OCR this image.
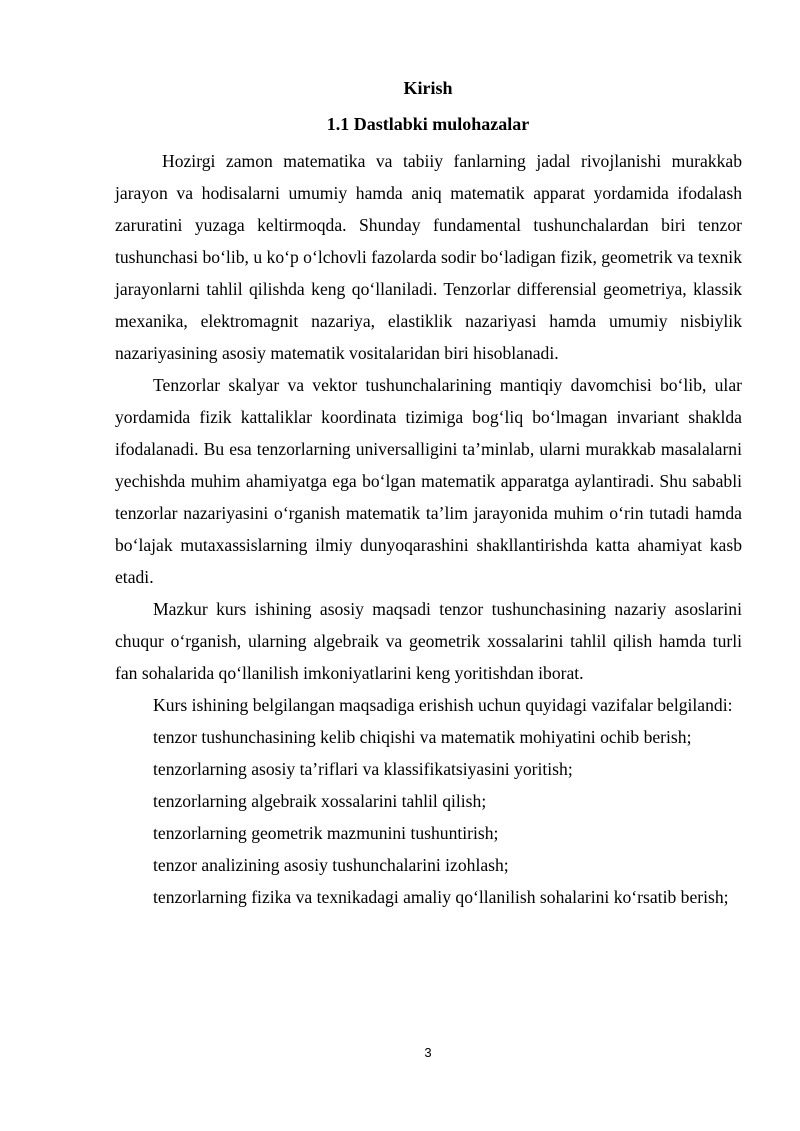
Kirish
1.1 Dastlabki mulohazalar

Hozirgi zamon matematika va tabiiy fanlarning jadal rivojlanishi murakkab jarayon va hodisalarni umumiy hamda aniq matematik apparat yordamida ifodalash zaruratini yuzaga keltirmoqda. Shunday fundamental tushunchalardan biri tenzor tushunchasi bo‘lib, u ko‘p o‘lchovli fazolarda sodir bo‘ladigan fizik, geometrik va texnik jarayonlarni tahlil qilishda keng qo‘llaniladi. Tenzorlar differensial geometriya, klassik mexanika, elektromagnit nazariya, elastiklik nazariyasi hamda umumiy nisbiylik nazariyasining asosiy matematik vositalaridan biri hisoblanadi.

Tenzorlar skalyar va vektor tushunchalarining mantiqiy davomchisi bo‘lib, ular yordamida fizik kattaliklar koordinata tizimiga bog‘liq bo‘lmagan invariant shaklda ifodalanadi. Bu esa tenzorlarning universalligini ta’minlab, ularni murakkab masalalarni yechishda muhim ahamiyatga ega bo‘lgan matematik apparatga aylantiradi. Shu sababli tenzorlar nazariyasini o‘rganish matematik ta’lim jarayonida muhim o‘rin tutadi hamda bo‘lajak mutaxassislarning ilmiy dunyoqarashini shakllantirishda katta ahamiyat kasb etadi.

Mazkur kurs ishining asosiy maqsadi tenzor tushunchasining nazariy asoslarini chuqur o‘rganish, ularning algebraik va geometrik xossalarini tahlil qilish hamda turli fan sohalarida qo‘llanilish imkoniyatlarini keng yoritishdan iborat.

Kurs ishining belgilangan maqsadiga erishish uchun quyidagi vazifalar belgilandi:

tenzor tushunchasining kelib chiqishi va matematik mohiyatini ochib berish;

tenzorlarning asosiy ta’riflari va klassifikatsiyasini yoritish;

tenzorlarning algebraik xossalarini tahlil qilish;

tenzorlarning geometrik mazmunini tushuntirish;

tenzor analizining asosiy tushunchalarini izohlash;

tenzorlarning fizika va texnikadagi amaliy qo‘llanilish sohalarini ko‘rsatib berish;

3
